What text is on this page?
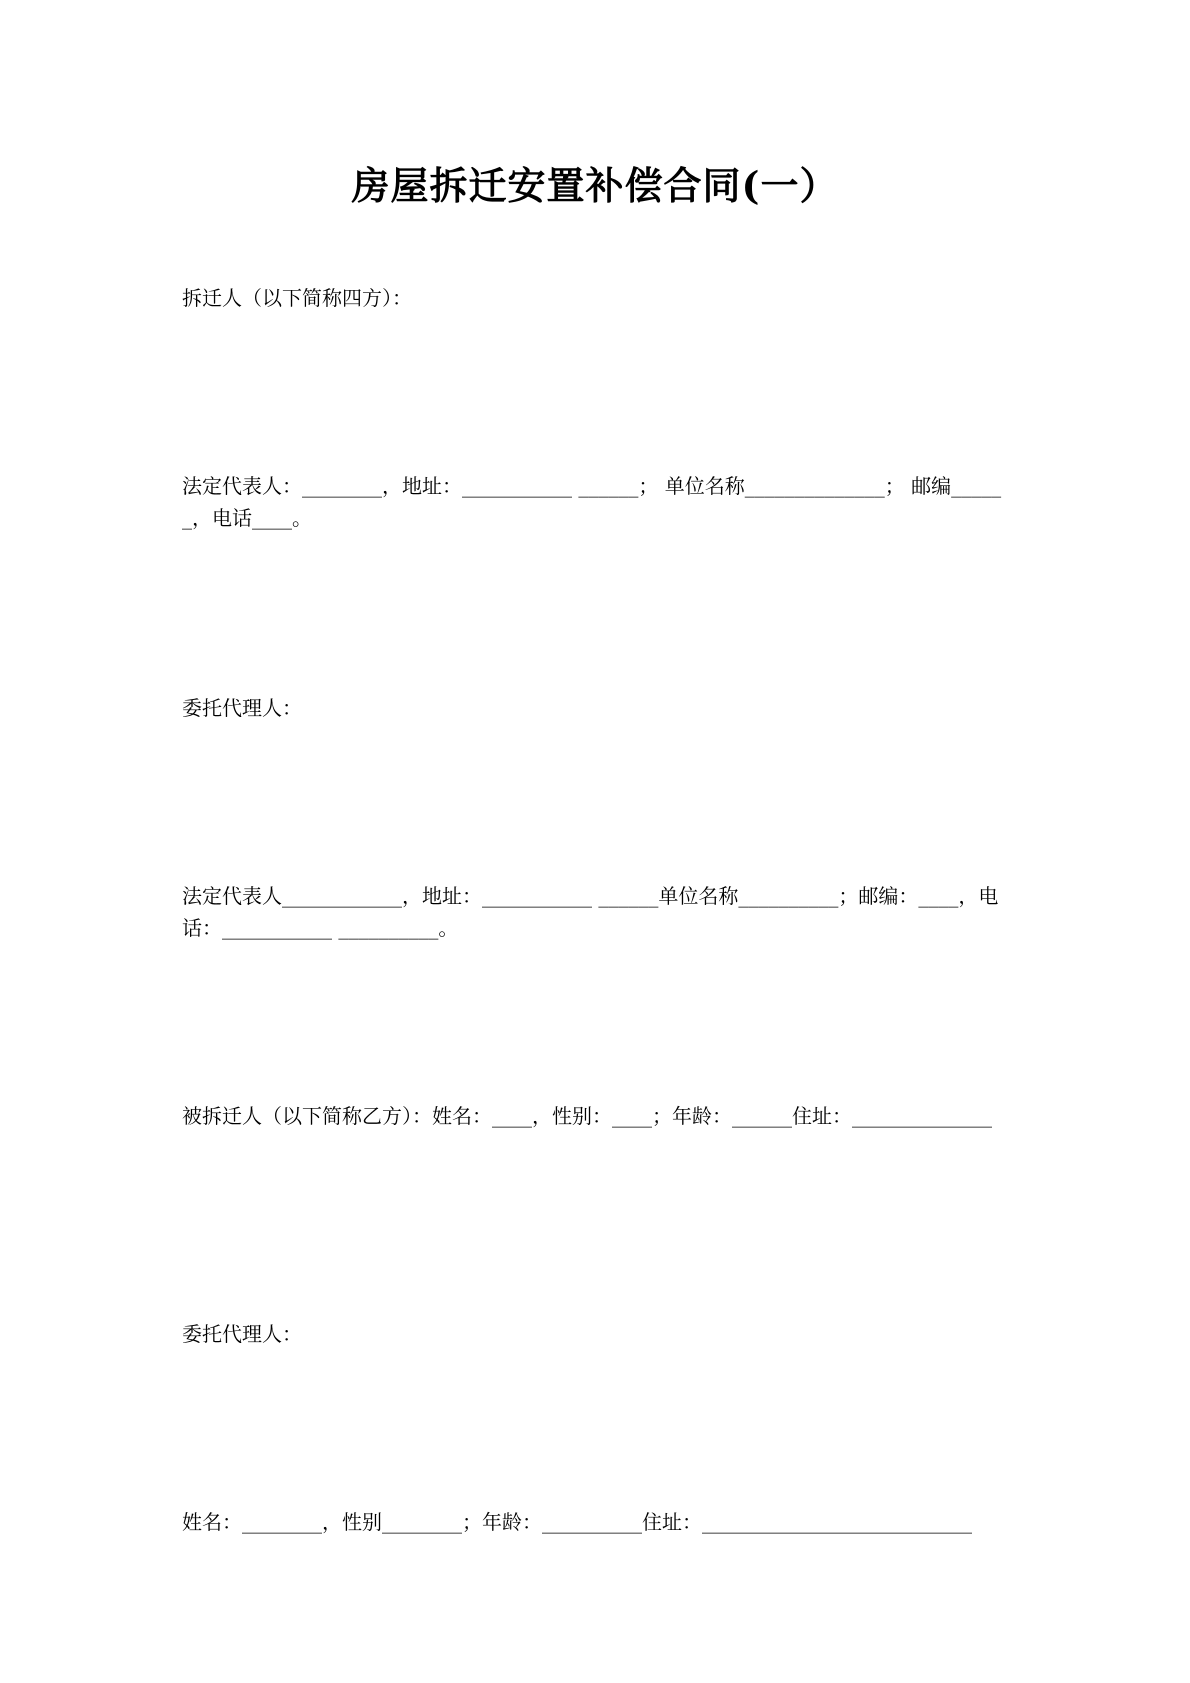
房屋拆迁安置补偿合同(一）

拆迁人（以下简称四方）：

法定代表人：________，地址：___________ ______； 单位名称______________； 邮编______，电话____。

委托代理人：

法定代表人____________，地址：___________ ______单位名称__________；邮编：____，电话：___________ __________。

被拆迁人（以下简称乙方）：姓名：____，性别：____；年龄：______住址：______________

委托代理人：

姓名：________，性别________；年龄：__________住址：___________________________
